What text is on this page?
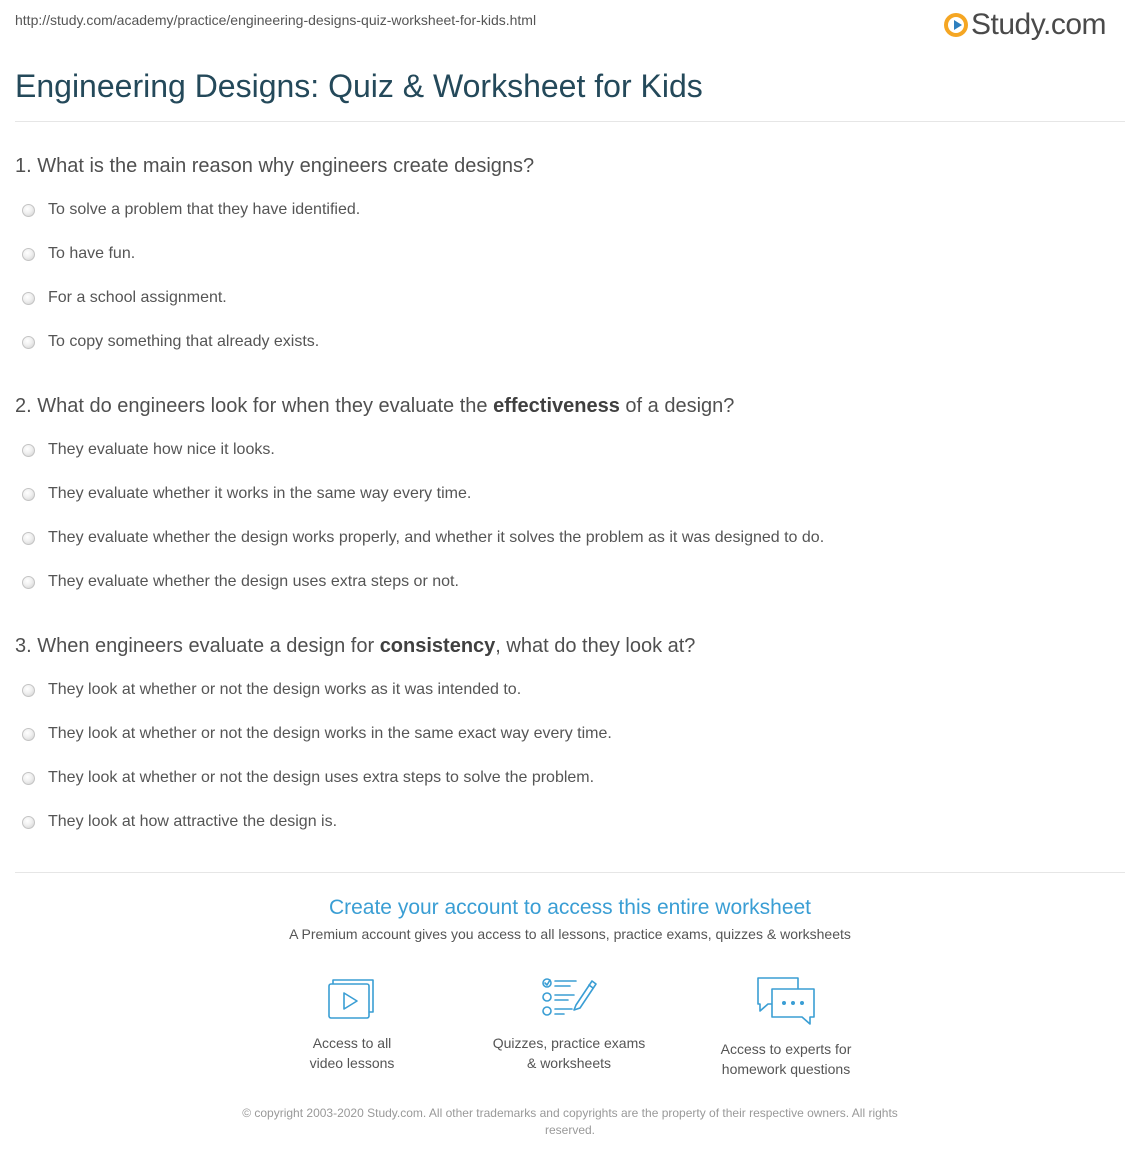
http://study.com/academy/practice/engineering-designs-quiz-worksheet-for-kids.html	Study.com
Engineering Designs: Quiz & Worksheet for Kids
1. What is the main reason why engineers create designs?
To solve a problem that they have identified.
To have fun.
For a school assignment.
To copy something that already exists.
2. What do engineers look for when they evaluate the effectiveness of a design?
They evaluate how nice it looks.
They evaluate whether it works in the same way every time.
They evaluate whether the design works properly, and whether it solves the problem as it was designed to do.
They evaluate whether the design uses extra steps or not.
3. When engineers evaluate a design for consistency, what do they look at?
They look at whether or not the design works as it was intended to.
They look at whether or not the design works in the same exact way every time.
They look at whether or not the design uses extra steps to solve the problem.
They look at how attractive the design is.
Create your account to access this entire worksheet
A Premium account gives you access to all lessons, practice exams, quizzes & worksheets
Access to all
video lessons
Quizzes, practice exams
& worksheets
Access to experts for
homework questions
© copyright 2003-2020 Study.com. All other trademarks and copyrights are the property of their respective owners. All rights
reserved.
